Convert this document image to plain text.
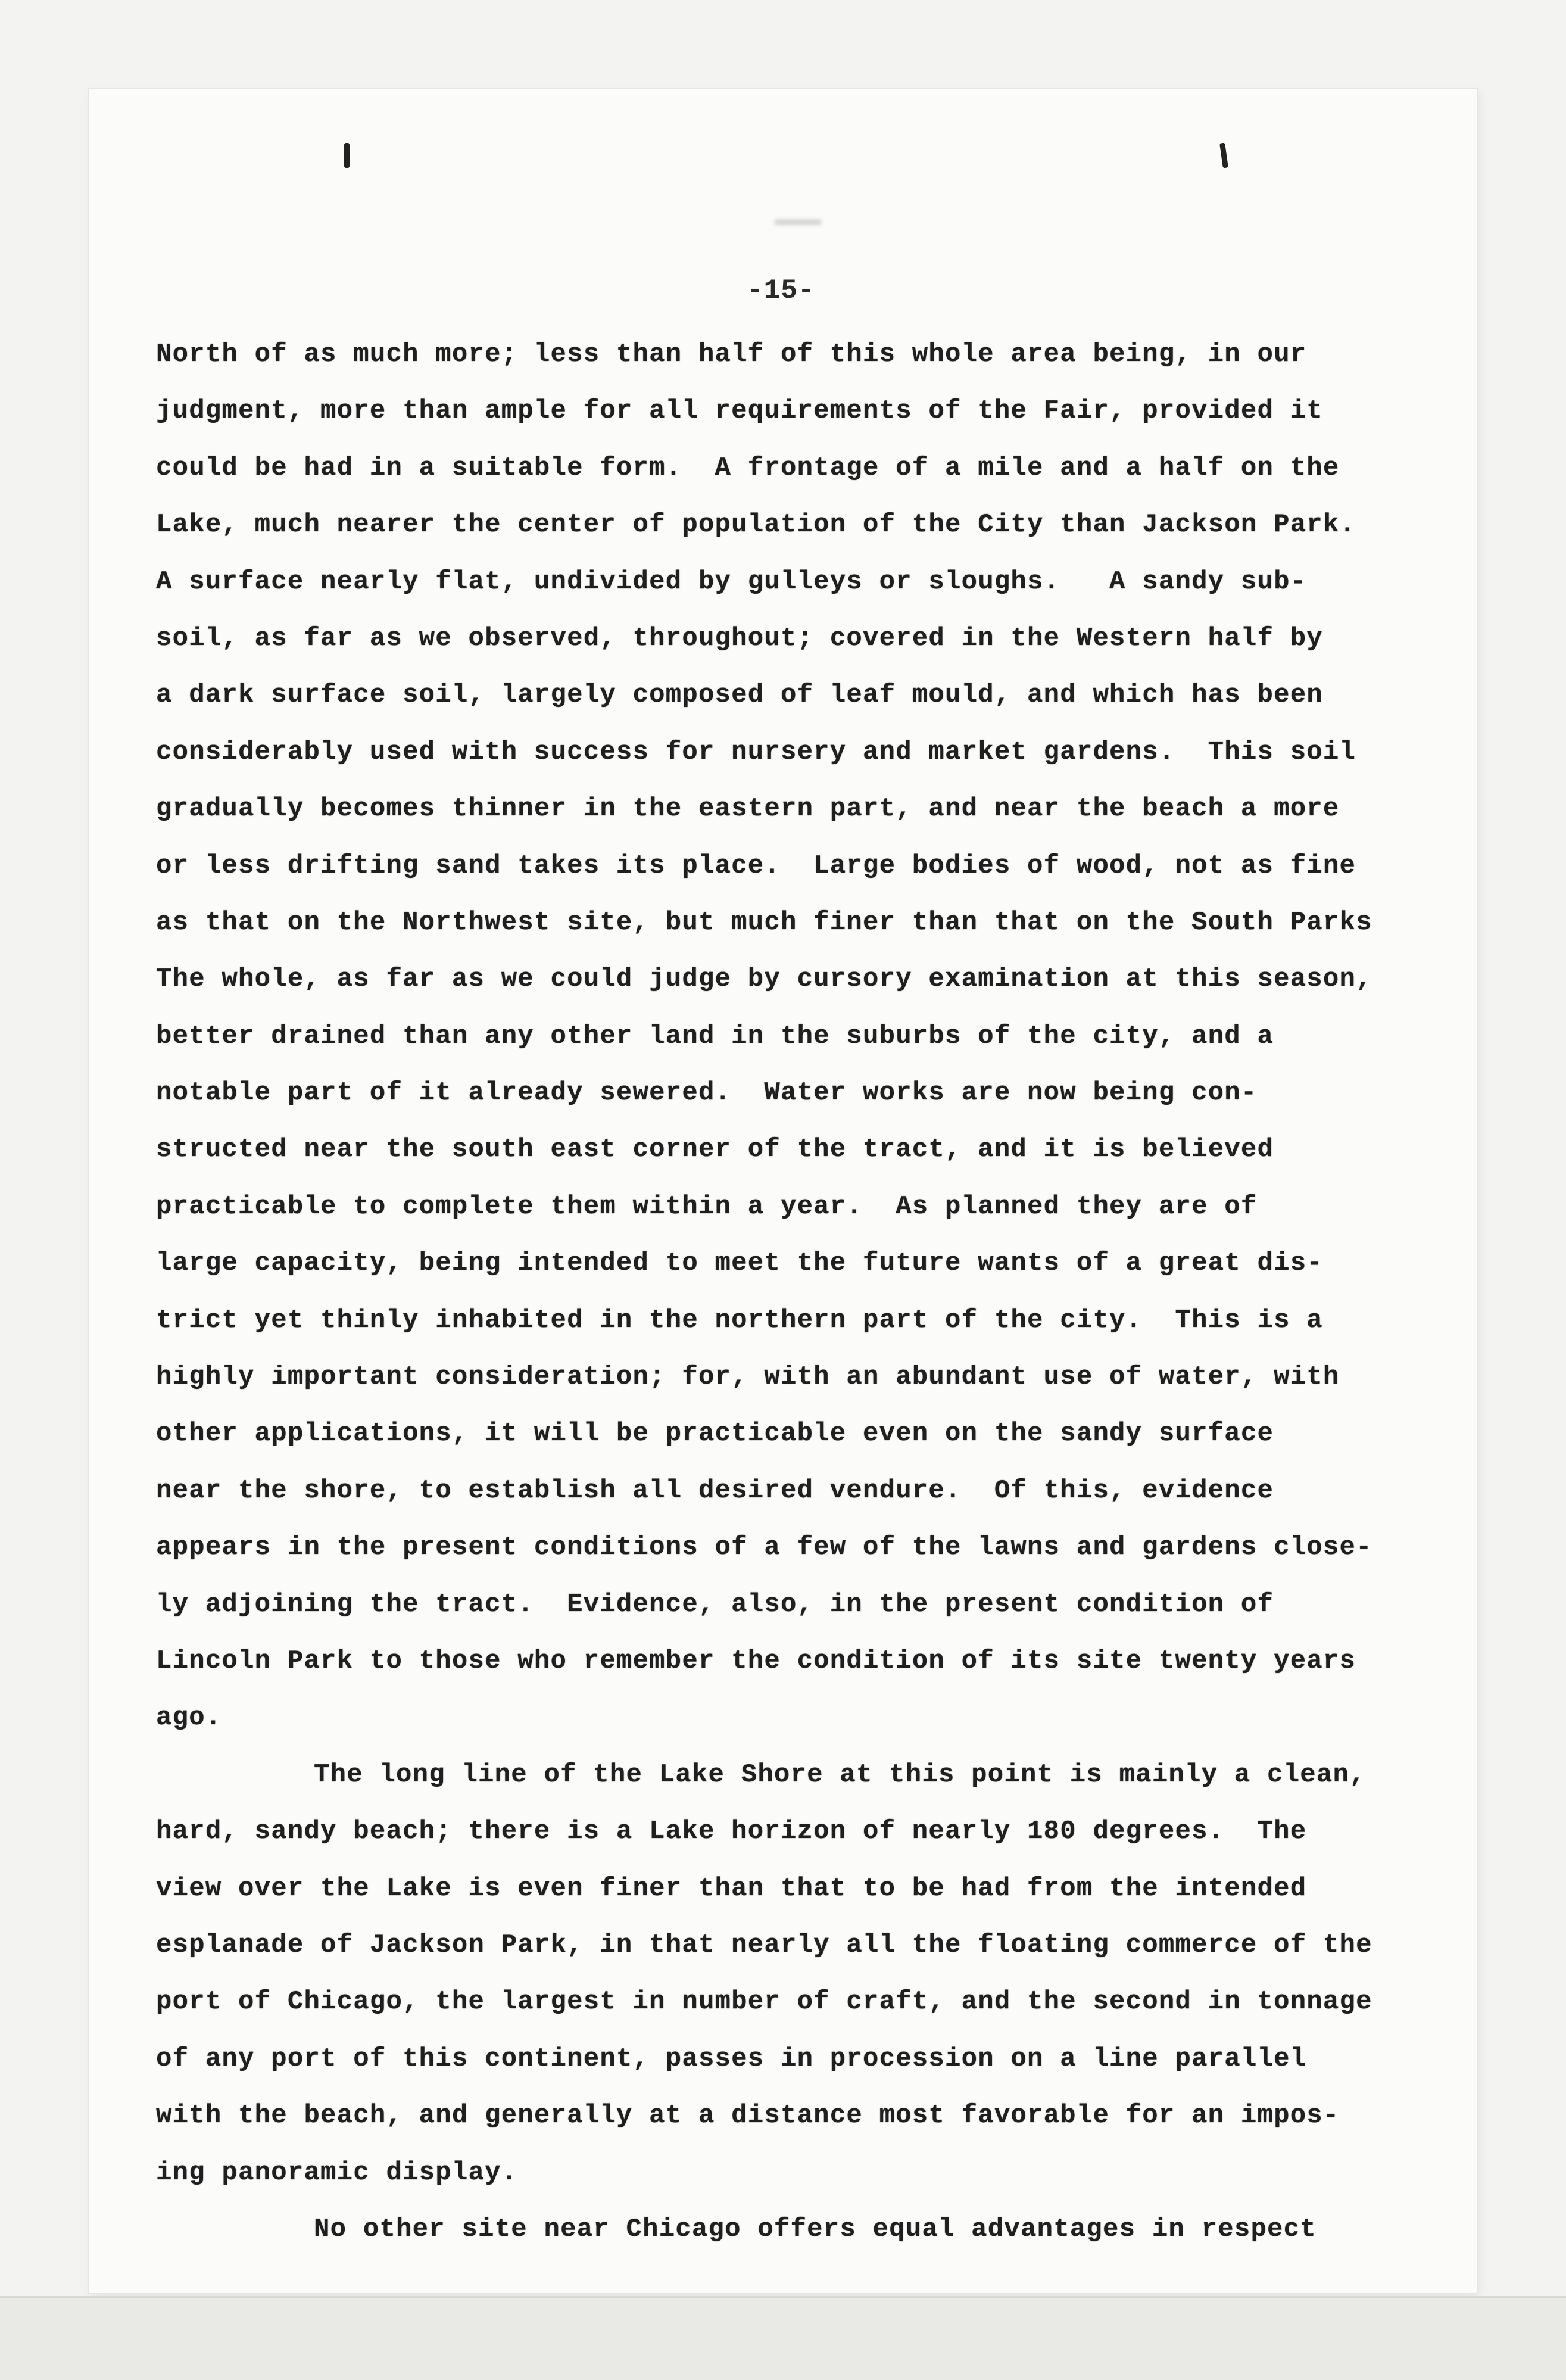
-15-
North of as much more; less than half of this whole area being, in our
judgment, more than ample for all requirements of the Fair, provided it
could be had in a suitable form.  A frontage of a mile and a half on the
Lake, much nearer the center of population of the City than Jackson Park.
A surface nearly flat, undivided by gulleys or sloughs.   A sandy sub-
soil, as far as we observed, throughout; covered in the Western half by
a dark surface soil, largely composed of leaf mould, and which has been
considerably used with success for nursery and market gardens.  This soil
gradually becomes thinner in the eastern part, and near the beach a more
or less drifting sand takes its place.  Large bodies of wood, not as fine
as that on the Northwest site, but much finer than that on the South Parks
The whole, as far as we could judge by cursory examination at this season,
better drained than any other land in the suburbs of the city, and a
notable part of it already sewered.  Water works are now being con-
structed near the south east corner of the tract, and it is believed
practicable to complete them within a year.  As planned they are of
large capacity, being intended to meet the future wants of a great dis-
trict yet thinly inhabited in the northern part of the city.  This is a
highly important consideration; for, with an abundant use of water, with
other applications, it will be practicable even on the sandy surface
near the shore, to establish all desired vendure.  Of this, evidence
appears in the present conditions of a few of the lawns and gardens close-
ly adjoining the tract.  Evidence, also, in the present condition of
Lincoln Park to those who remember the condition of its site twenty years
ago.
The long line of the Lake Shore at this point is mainly a clean,
hard, sandy beach; there is a Lake horizon of nearly 180 degrees.  The
view over the Lake is even finer than that to be had from the intended
esplanade of Jackson Park, in that nearly all the floating commerce of the
port of Chicago, the largest in number of craft, and the second in tonnage
of any port of this continent, passes in procession on a line parallel
with the beach, and generally at a distance most favorable for an impos-
ing panoramic display.
No other site near Chicago offers equal advantages in respect
